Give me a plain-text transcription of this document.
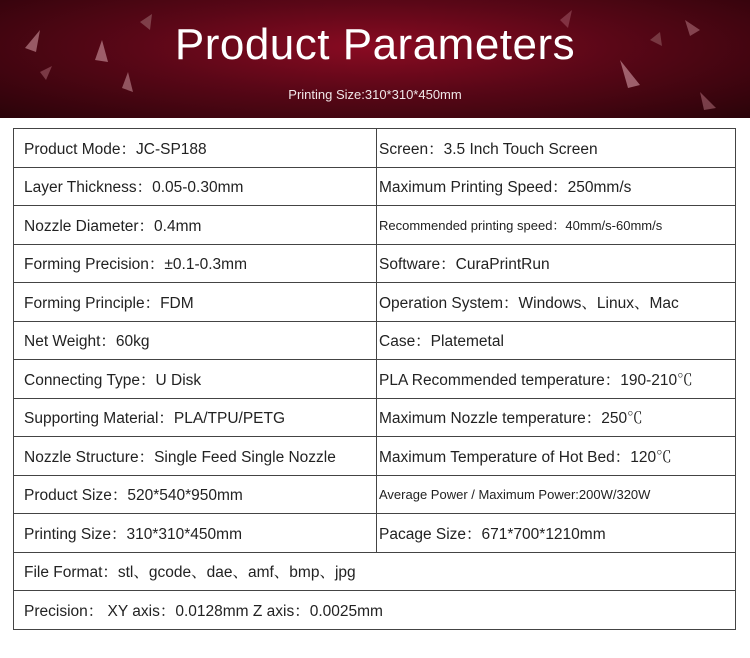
Product Parameters
Printing Size:310*310*450mm
Product Mode：JC-SP188	Screen：3.5 Inch Touch Screen
Layer Thickness：0.05-0.30mm	Maximum Printing Speed：250mm/s
Nozzle Diameter：0.4mm	Recommended printing speed：40mm/s-60mm/s
Forming Precision：±0.1-0.3mm	Software：CuraPrintRun
Forming Principle：FDM	Operation System：Windows、Linux、Mac
Net Weight：60kg	Case：Platemetal
Connecting Type：U Disk	PLA Recommended temperature：190-210℃
Supporting Material：PLA/TPU/PETG	Maximum Nozzle temperature：250℃
Nozzle Structure：Single Feed Single Nozzle	Maximum Temperature of Hot Bed：120℃
Product Size：520*540*950mm	Average Power / Maximum Power:200W/320W
Printing Size：310*310*450mm	Pacage Size：671*700*1210mm
File Format：stl、gcode、dae、amf、bmp、jpg	
Precision： XY axis：0.0128mm Z axis：0.0025mm	
